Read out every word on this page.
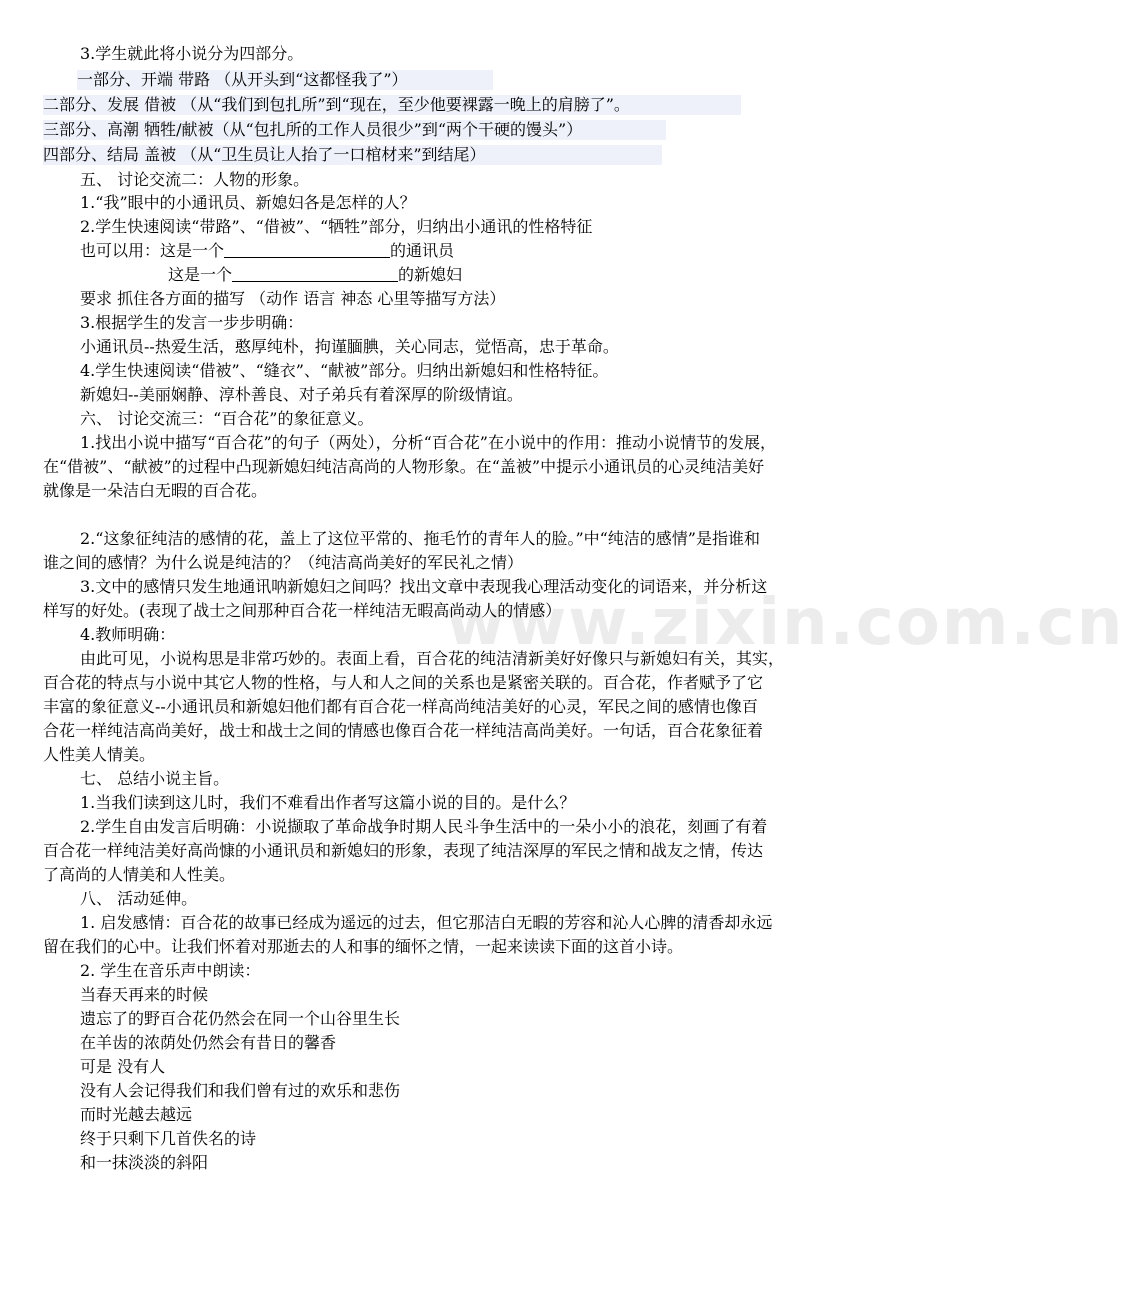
www.zixin.com.cn
3.学生就此将小说分为四部分。
一部分、开端 带路 （从开头到“这都怪我了”）
二部分、发展 借被 （从“我们到包扎所”到“现在，至少他要裸露一晚上的肩膀了”。
三部分、高潮 牺牲/献被（从“包扎所的工作人员很少”到“两个干硬的馒头”）
四部分、结局 盖被 （从“卫生员让人抬了一口棺材来”到结尾）
五、 讨论交流二：人物的形象。
1.“我”眼中的小通讯员、新媳妇各是怎样的人？
2.学生快速阅读“带路”、“借被”、“牺牲”部分，归纳出小通讯的性格特征
也可以用：这是一个	的通讯员
这是一个	的新媳妇
要求 抓住各方面的描写 （动作 语言 神态 心里等描写方法）
3.根据学生的发言一步步明确：
小通讯员--热爱生活，憨厚纯朴，拘谨腼腆，关心同志，觉悟高，忠于革命。
4.学生快速阅读“借被”、“缝衣”、“献被”部分。归纳出新媳妇和性格特征。
新媳妇--美丽娴静、淳朴善良、对子弟兵有着深厚的阶级情谊。
六、 讨论交流三：“百合花”的象征意义。
1.找出小说中描写“百合花”的句子（两处），分析“百合花”在小说中的作用：推动小说情节的发展，
在“借被”、“献被”的过程中凸现新媳妇纯洁高尚的人物形象。在“盖被”中提示小通讯员的心灵纯洁美好
就像是一朵洁白无暇的百合花。
2.“这象征纯洁的感情的花，盖上了这位平常的、拖毛竹的青年人的脸。”中“纯洁的感情”是指谁和
谁之间的感情？为什么说是纯洁的？（纯洁高尚美好的军民礼之情）
3.文中的感情只发生地通讯呐新媳妇之间吗？找出文章中表现我心理活动变化的词语来，并分析这
样写的好处。(表现了战士之间那种百合花一样纯洁无暇高尚动人的情感）
4.教师明确：
由此可见，小说构思是非常巧妙的。表面上看，百合花的纯洁清新美好好像只与新媳妇有关，其实，
百合花的特点与小说中其它人物的性格，与人和人之间的关系也是紧密关联的。百合花，作者赋予了它
丰富的象征意义--小通讯员和新媳妇他们都有百合花一样高尚纯洁美好的心灵，军民之间的感情也像百
合花一样纯洁高尚美好，战士和战士之间的情感也像百合花一样纯洁高尚美好。一句话，百合花象征着
人性美人情美。
七、 总结小说主旨。
1.当我们读到这儿时，我们不难看出作者写这篇小说的目的。是什么？
2.学生自由发言后明确：小说撷取了革命战争时期人民斗争生活中的一朵小小的浪花，刻画了有着
百合花一样纯洁美好高尚慷的小通讯员和新媳妇的形象，表现了纯洁深厚的军民之情和战友之情，传达
了高尚的人情美和人性美。
八、 活动延伸。
1. 启发感情：百合花的故事已经成为遥远的过去，但它那洁白无暇的芳容和沁人心脾的清香却永远
留在我们的心中。让我们怀着对那逝去的人和事的缅怀之情，一起来读读下面的这首小诗。
2. 学生在音乐声中朗读：
当春天再来的时候
遗忘了的野百合花仍然会在同一个山谷里生长
在羊齿的浓荫处仍然会有昔日的馨香
可是 没有人
没有人会记得我们和我们曾有过的欢乐和悲伤
而时光越去越远
终于只剩下几首佚名的诗
和一抹淡淡的斜阳
